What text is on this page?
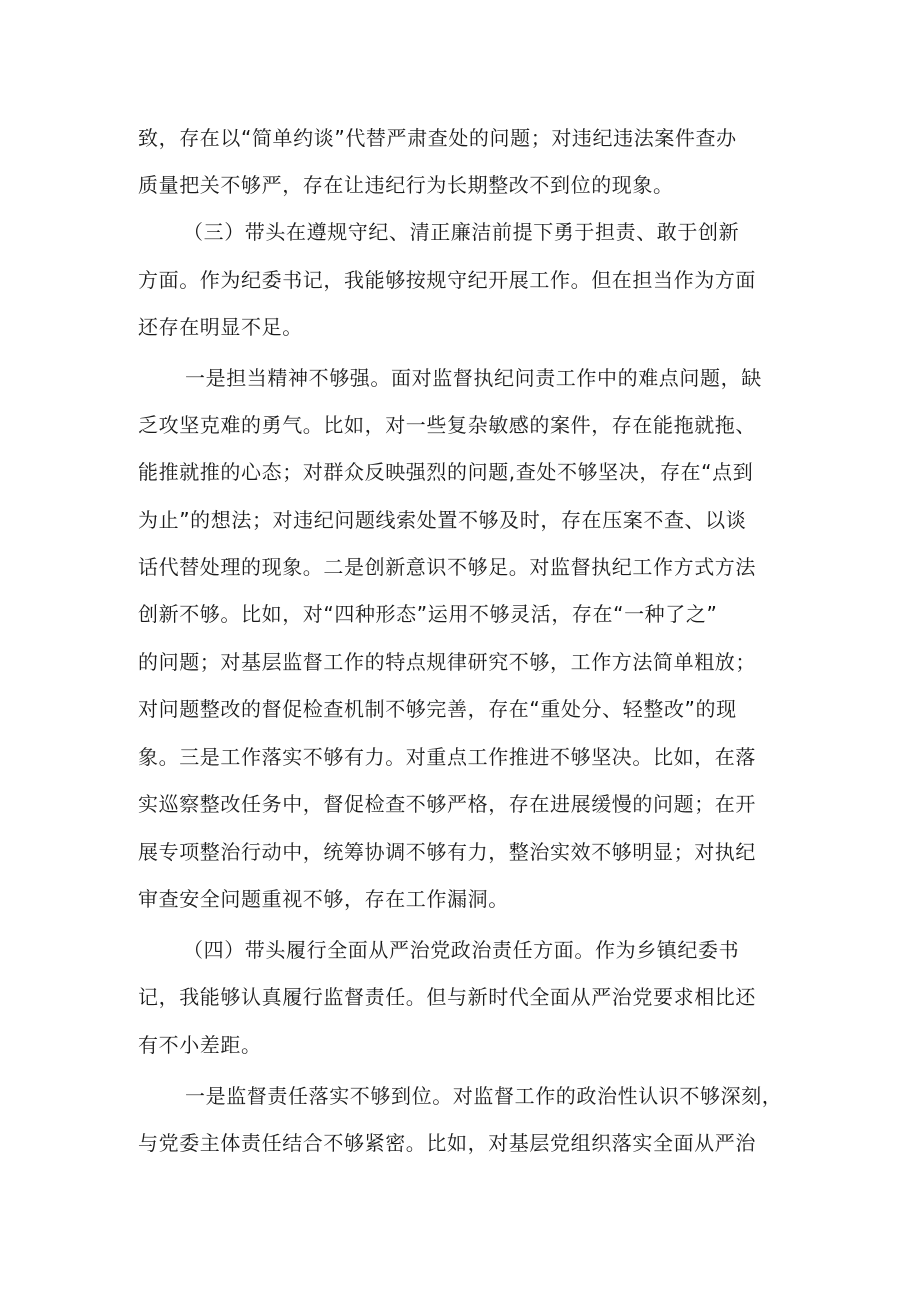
致，存在以“简单约谈”代替严肃查处的问题；对违纪违法案件查办

质量把关不够严，存在让违纪行为长期整改不到位的现象。

（三）带头在遵规守纪、清正廉洁前提下勇于担责、敢于创新

方面。作为纪委书记，我能够按规守纪开展工作。但在担当作为方面

还存在明显不足。

一是担当精神不够强。面对监督执纪问责工作中的难点问题，缺

乏攻坚克难的勇气。比如，对一些复杂敏感的案件，存在能拖就拖、

能推就推的心态；对群众反映强烈的问题,查处不够坚决，存在“点到

为止”的想法；对违纪问题线索处置不够及时，存在压案不查、以谈

话代替处理的现象。二是创新意识不够足。对监督执纪工作方式方法

创新不够。比如，对“四种形态”运用不够灵活，存在“一种了之”

的问题；对基层监督工作的特点规律研究不够，工作方法简单粗放；

对问题整改的督促检查机制不够完善，存在“重处分、轻整改”的现

象。三是工作落实不够有力。对重点工作推进不够坚决。比如，在落

实巡察整改任务中，督促检查不够严格，存在进展缓慢的问题；在开

展专项整治行动中，统筹协调不够有力，整治实效不够明显；对执纪

审查安全问题重视不够，存在工作漏洞。

（四）带头履行全面从严治党政治责任方面。作为乡镇纪委书

记，我能够认真履行监督责任。但与新时代全面从严治党要求相比还

有不小差距。

一是监督责任落实不够到位。对监督工作的政治性认识不够深刻，

与党委主体责任结合不够紧密。比如，对基层党组织落实全面从严治
